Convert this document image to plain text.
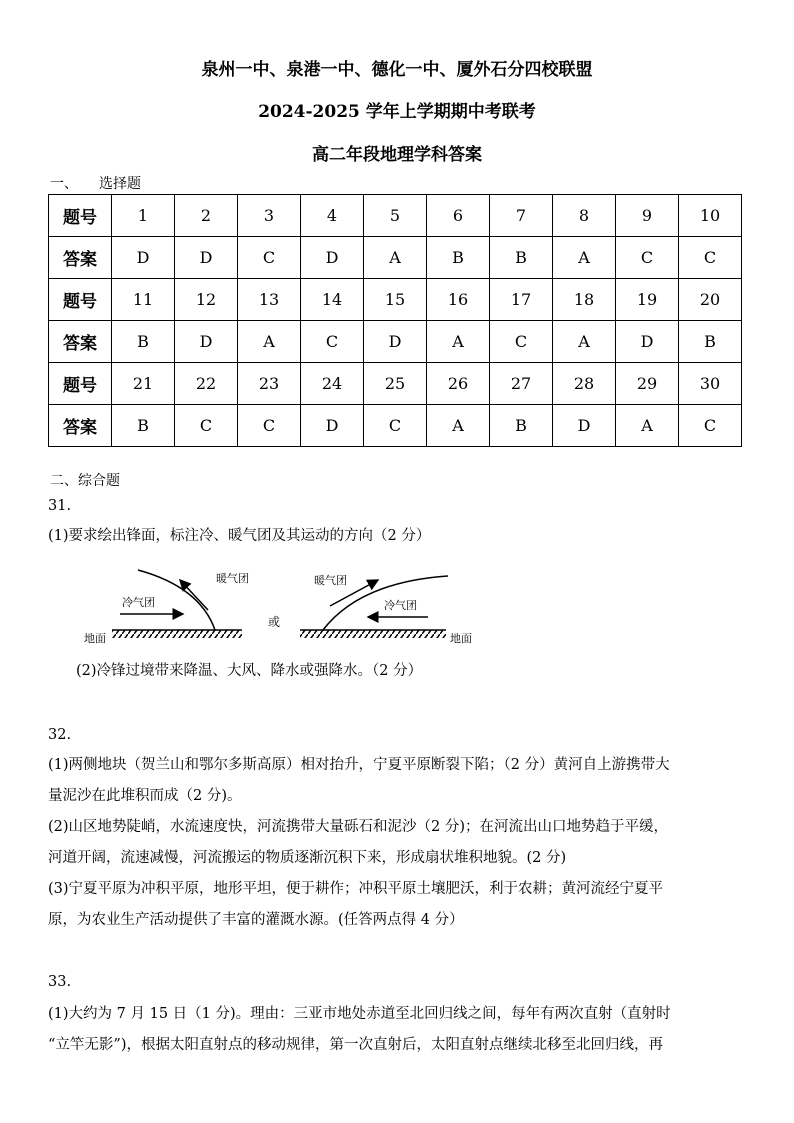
泉州一中、泉港一中、德化一中、厦外石分四校联盟
2024-2025 学年上学期期中考联考
高二年段地理学科答案
一、　　选择题
题号	1	2	3	4	5	6	7	8	9	10
答案	D	D	C	D	A	B	B	A	C	C
题号	11	12	13	14	15	16	17	18	19	20
答案	B	D	A	C	D	A	C	A	D	B
题号	21	22	23	24	25	26	27	28	29	30
答案	B	C	C	D	C	A	B	D	A	C
二、综合题
31.
(1)要求绘出锋面，标注冷、暖气团及其运动的方向（2 分）
冷气团
暖气团
地面
或
暖气团
冷气团
地面
(2)冷锋过境带来降温、大风、降水或强降水。（2 分）
32.
(1)两侧地块（贺兰山和鄂尔多斯高原）相对抬升，宁夏平原断裂下陷；（2 分）黄河自上游携带大
量泥沙在此堆积而成（2 分)。
(2)山区地势陡峭，水流速度快，河流携带大量砾石和泥沙（2 分)；在河流出山口地势趋于平缓，
河道开阔，流速减慢，河流搬运的物质逐渐沉积下来，形成扇状堆积地貌。(2 分)
(3)宁夏平原为冲积平原，地形平坦，便于耕作；冲积平原土壤肥沃，利于农耕；黄河流经宁夏平
原，为农业生产活动提供了丰富的灌溉水源。(任答两点得 4 分）
33.
(1)大约为 7 月 15 日（1 分)。理由：三亚市地处赤道至北回归线之间，每年有两次直射（直射时
“立竿无影”)，根据太阳直射点的移动规律，第一次直射后，太阳直射点继续北移至北回归线，再
